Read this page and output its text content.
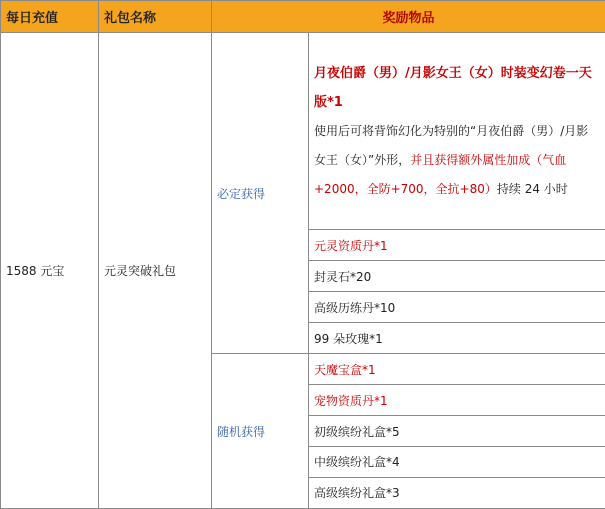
每日充值	礼包名称	奖励物品	
1588 元宝	元灵突破礼包	必定获得	月夜伯爵（男）/月影女王（女）时装变幻卷一天版*1
使用后可将背饰幻化为特别的“月夜伯爵（男）/月影女王（女）”外形，并且获得额外属性加成（气血+2000，全防+700，全抗+80）持续 24 小时

			元灵资质丹*1
			封灵石*20
			高级历练丹*10
			99 朵玫瑰*1
		随机获得	天魔宝盒*1
			宠物资质丹*1
			初级缤纷礼盒*5
			中级缤纷礼盒*4
			高级缤纷礼盒*3
